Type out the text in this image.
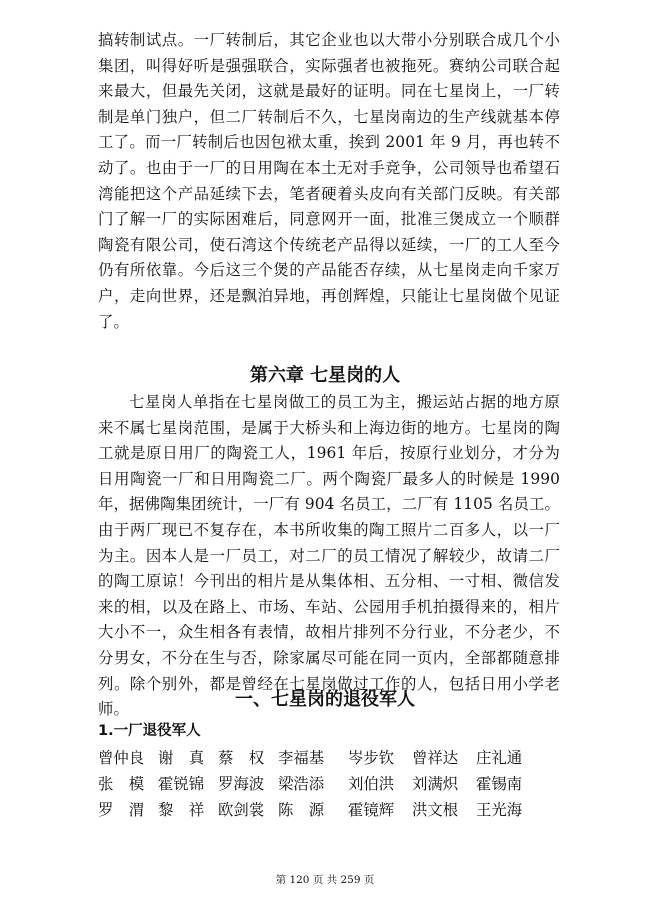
搞转制试点。一厂转制后，其它企业也以大带小分别联合成几个小集团，叫得好听是强强联合，实际强者也被拖死。赛纳公司联合起来最大，但最先关闭，这就是最好的证明。同在七星岗上，一厂转制是单门独户，但二厂转制后不久，七星岗南边的生产线就基本停工了。而一厂转制后也因包袱太重，挨到 2001 年 9 月，再也转不动了。也由于一厂的日用陶在本土无对手竞争，公司领导也希望石湾能把这个产品延续下去，笔者硬着头皮向有关部门反映。有关部门了解一厂的实际困难后，同意网开一面，批准三煲成立一个顺群陶瓷有限公司，使石湾这个传统老产品得以延续，一厂的工人至今仍有所依靠。今后这三个煲的产品能否存续，从七星岗走向千家万户，走向世界，还是飘泊异地，再创辉煌，只能让七星岗做个见证了。

第六章 七星岗的人

七星岗人单指在七星岗做工的员工为主，搬运站占据的地方原来不属七星岗范围，是属于大桥头和上海边街的地方。七星岗的陶工就是原日用厂的陶瓷工人，1961 年后，按原行业划分，才分为日用陶瓷一厂和日用陶瓷二厂。两个陶瓷厂最多人的时候是 1990 年，据佛陶集团统计，一厂有 904 名员工，二厂有 1105 名员工。由于两厂现已不复存在，本书所收集的陶工照片二百多人，以一厂为主。因本人是一厂员工，对二厂的员工情况了解较少，故请二厂的陶工原谅！今刊出的相片是从集体相、五分相、一寸相、微信发来的相，以及在路上、市场、车站、公园用手机拍摄得来的，相片大小不一，众生相各有表情，故相片排列不分行业，不分老少，不分男女，不分在生与否，除家属尽可能在同一页内，全部都随意排列。除个别外，都是曾经在七星岗做过工作的人，包括日用小学老师。	一、七星岗的退役军人
1.一厂退役军人
曾仲良 谢　真 蔡　权 李福基 岑步钦 曾祥达 庄礼通
张　模 霍锐锦 罗海波 梁浩添 刘伯洪 刘满炽 霍锡南
罗　渭 黎　祥 欧剑裳 陈　源 霍镜辉 洪文根 王光海
第 120 页 共 259 页
